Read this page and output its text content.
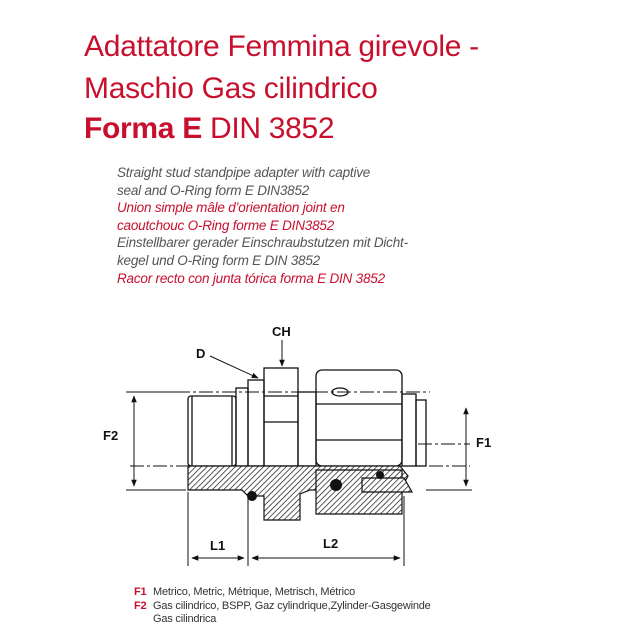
Adattatore Femmina girevole -
Maschio Gas cilindrico
Forma E DIN 3852
Straight stud standpipe adapter with captive
seal and O-Ring form E DIN3852
Union simple mâle d’orientation joint en
caoutchouc O-Ring forme E DIN3852
Einstellbarer gerader Einschraubstutzen mit Dicht-
kegel und O-Ring form E DIN 3852
Racor recto con junta tórica forma E DIN 3852
CH
D
F2	F1
L1	L2
F1 Metrico, Metric, Métrique, Metrisch, Métrico
F2 Gas cilindrico, BSPP, Gaz cylindrique,Zylinder-Gasgewinde
Gas cilindrica
